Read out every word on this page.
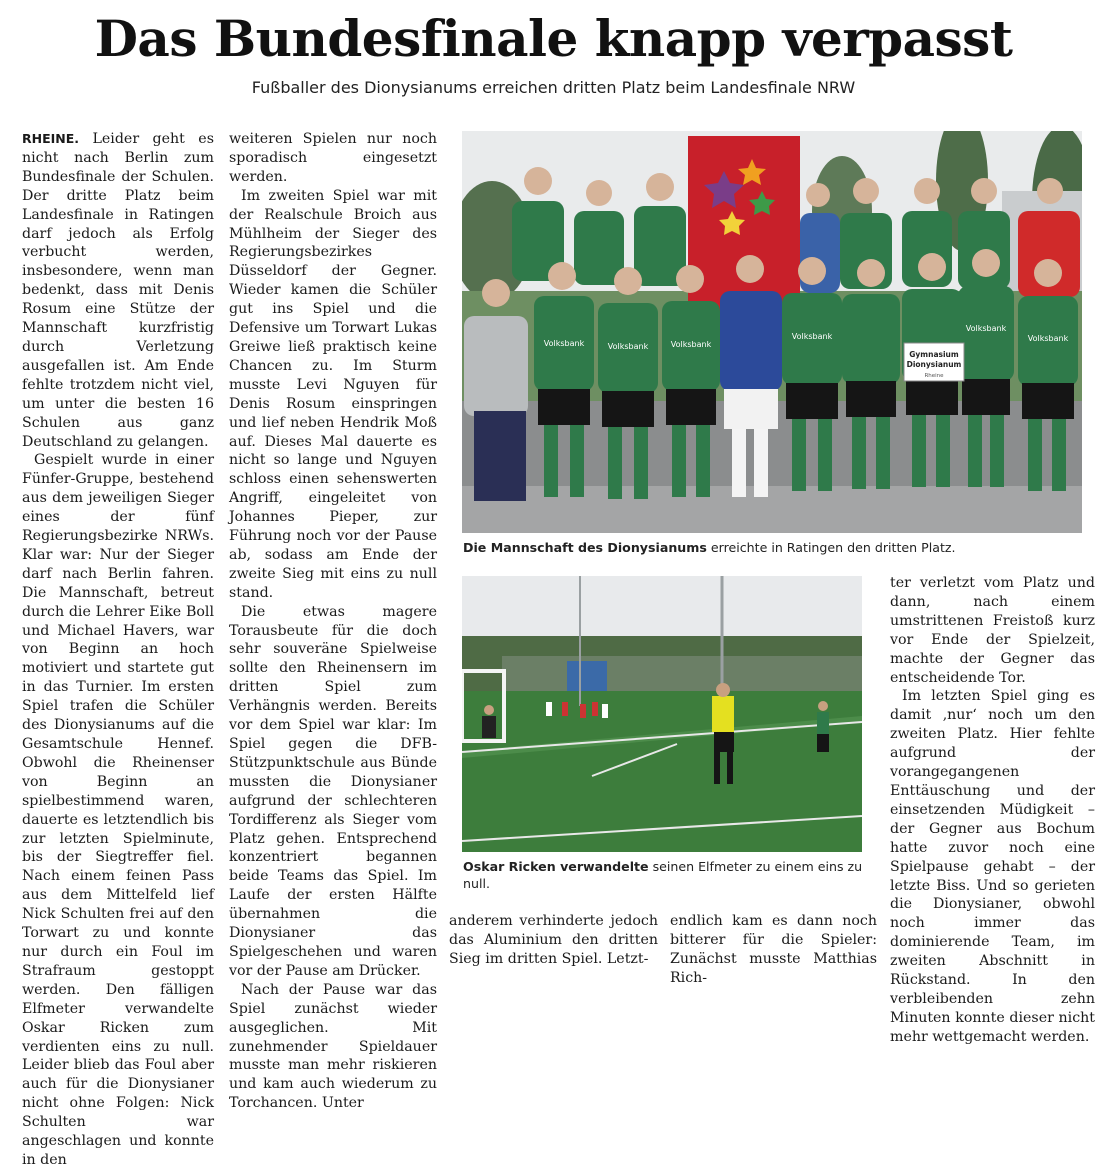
Das Bundesfinale knapp verpasst
Fußballer des Dionysianums erreichen dritten Platz beim Landesfinale NRW

RHEINE. Leider geht es nicht nach Berlin zum Bundesfinale der Schulen. Der dritte Platz beim Landesfinale in Ratingen darf jedoch als Erfolg verbucht werden, insbesondere, wenn man bedenkt, dass mit Denis Rosum eine Stütze der Mannschaft kurzfristig durch Verletzung ausgefallen ist. Am Ende fehlte trotzdem nicht viel, um unter die besten 16 Schulen aus ganz Deutschland zu gelangen.

Gespielt wurde in einer Fünfer-Gruppe, bestehend aus dem jeweiligen Sieger eines der fünf Regierungsbezirke NRWs. Klar war: Nur der Sieger darf nach Berlin fahren. Die Mannschaft, betreut durch die Lehrer Eike Boll und Michael Havers, war von Beginn an hoch motiviert und startete gut in das Turnier. Im ersten Spiel trafen die Schüler des Dionysianums auf die Gesamtschule Hennef. Obwohl die Rheinenser von Beginn an spielbestimmend waren, dauerte es letztendlich bis zur letzten Spielminute, bis der Siegtreffer fiel. Nach einem feinen Pass aus dem Mittelfeld lief Nick Schulten frei auf den Torwart zu und konnte nur durch ein Foul im Strafraum gestoppt werden. Den fälligen Elfmeter verwandelte Oskar Ricken zum verdienten eins zu null. Leider blieb das Foul aber auch für die Dionysianer nicht ohne Folgen: Nick Schulten war angeschlagen und konnte in den

weiteren Spielen nur noch sporadisch eingesetzt werden.

Im zweiten Spiel war mit der Realschule Broich aus Mühlheim der Sieger des Regierungsbezirkes Düsseldorf der Gegner. Wieder kamen die Schüler gut ins Spiel und die Defensive um Torwart Lukas Greiwe ließ praktisch keine Chancen zu. Im Sturm musste Levi Nguyen für Denis Rosum einspringen und lief neben Hendrik Moß auf. Dieses Mal dauerte es nicht so lange und Nguyen schloss einen sehenswerten Angriff, eingeleitet von Johannes Pieper, zur Führung noch vor der Pause ab, sodass am Ende der zweite Sieg mit eins zu null stand.

Die etwas magere Torausbeute für die doch sehr souveräne Spielweise sollte den Rheinensern im dritten Spiel zum Verhängnis werden. Bereits vor dem Spiel war klar: Im Spiel gegen die DFB-Stützpunktschule aus Bünde mussten die Dionysianer aufgrund der schlechteren Tordifferenz als Sieger vom Platz gehen. Entsprechend konzentriert begannen beide Teams das Spiel. Im Laufe der ersten Hälfte übernahmen die Dionysianer das Spielgeschehen und waren vor der Pause am Drücker.

Nach der Pause war das Spiel zunächst wieder ausgeglichen. Mit zunehmender Spieldauer musste man mehr riskieren und kam auch wiederum zu Torchancen. Unter

Gymnasium
Dionysianum
Rheine
Volksbank	Volksbank	Volksbank
Volksbank
Volksbank
Volksbank
Die Mannschaft des Dionysianums erreichte in Ratingen den dritten Platz.
Oskar Ricken verwandelte seinen Elfmeter zu einem eins zu null.

anderem verhinderte jedoch das Aluminium den dritten Sieg im dritten Spiel. Letzt-

endlich kam es dann noch bitterer für die Spieler: Zunächst musste Matthias Rich-

ter verletzt vom Platz und dann, nach einem umstrittenen Freistoß kurz vor Ende der Spielzeit, machte der Gegner das entscheidende Tor.

Im letzten Spiel ging es damit ‚nur‘ noch um den zweiten Platz. Hier fehlte aufgrund der vorangegangenen Enttäuschung und der einsetzenden Müdigkeit – der Gegner aus Bochum hatte zuvor noch eine Spielpause gehabt – der letzte Biss. Und so gerieten die Dionysianer, obwohl noch immer das dominierende Team, im zweiten Abschnitt in Rückstand. In den verbleibenden zehn Minuten konnte dieser nicht mehr wettgemacht werden.
